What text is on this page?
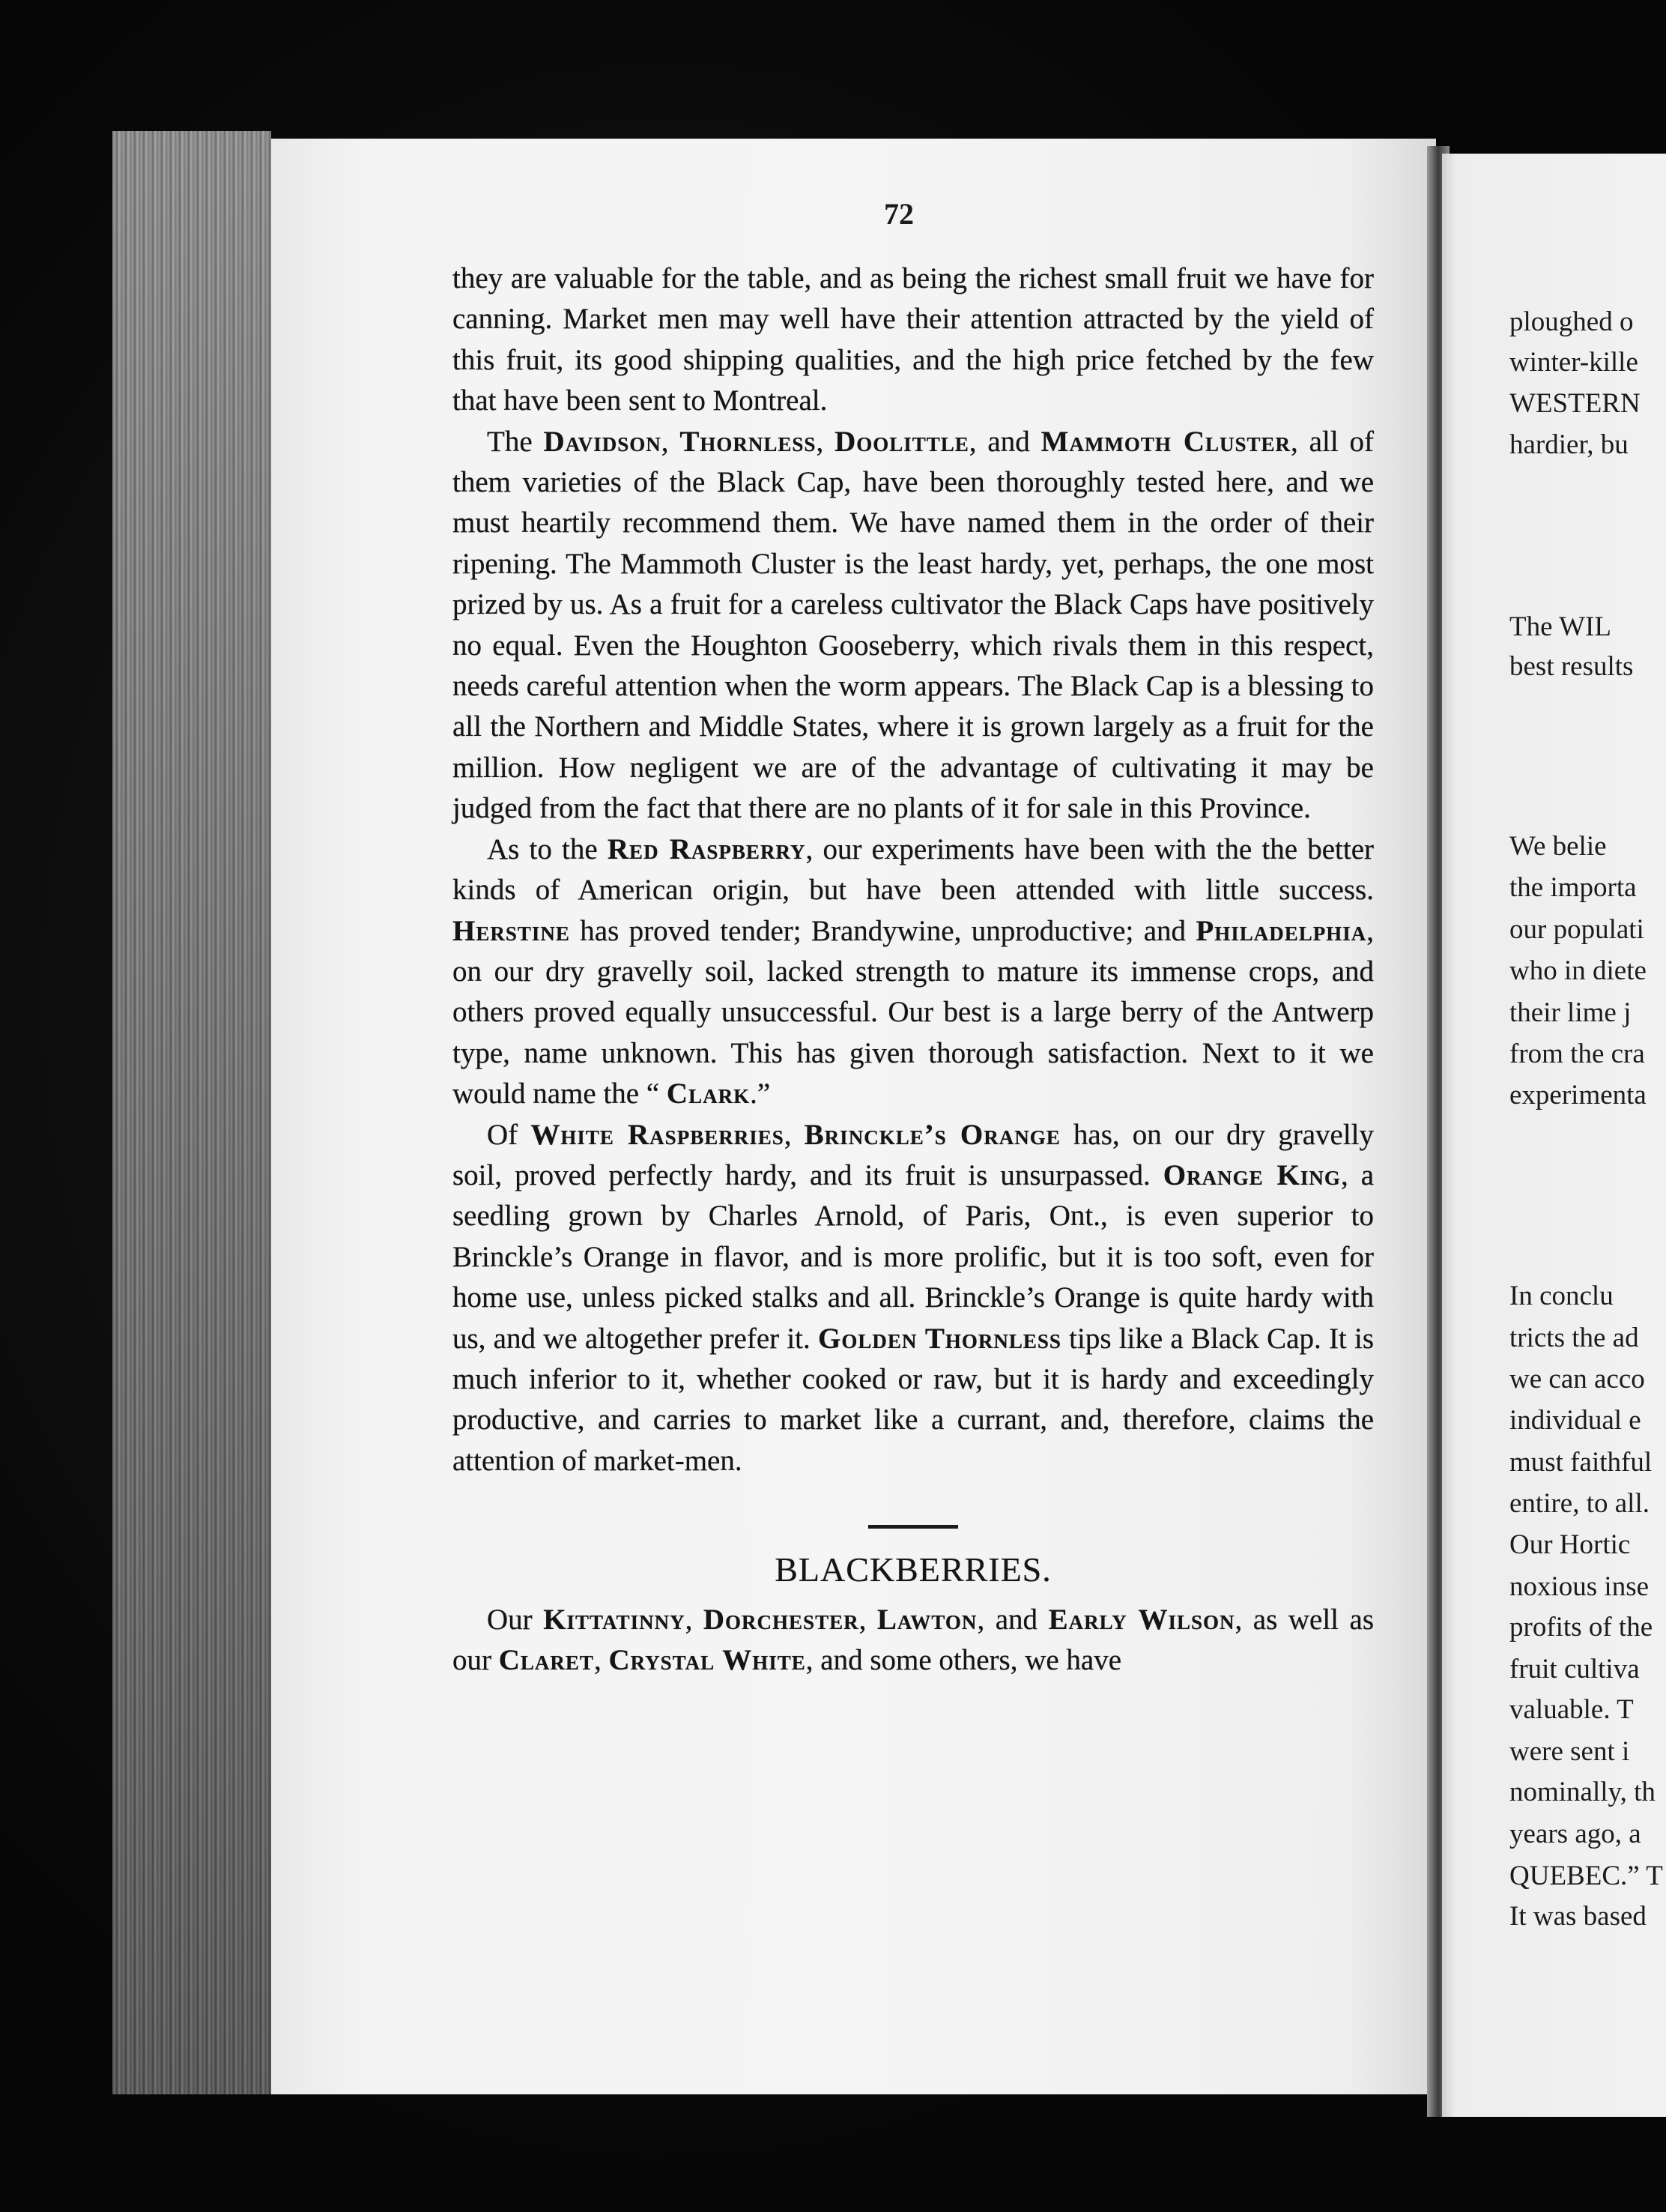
72

they are valuable for the table, and as being the richest small fruit we have for canning. Market men may well have their attention attracted by the yield of this fruit, its good shipping qualities, and the high price fetched by the few that have been sent to Montreal.

The Davidson, Thornless, Doolittle, and Mammoth Cluster, all of them varieties of the Black Cap, have been thoroughly tested here, and we must heartily recommend them. We have named them in the order of their ripening. The Mammoth Cluster is the least hardy, yet, perhaps, the one most prized by us. As a fruit for a careless cultivator the Black Caps have positively no equal. Even the Houghton Gooseberry, which rivals them in this respect, needs careful attention when the worm appears. The Black Cap is a blessing to all the Northern and Middle States, where it is grown largely as a fruit for the million. How negligent we are of the advantage of cultivating it may be judged from the fact that there are no plants of it for sale in this Province.

As to the Red Raspberry, our experiments have been with the the better kinds of American origin, but have been attended with little success. Herstine has proved tender; Brandywine, unproductive; and Philadelphia, on our dry gravelly soil, lacked strength to mature its immense crops, and others proved equally unsuccessful. Our best is a large berry of the Antwerp type, name unknown. This has given thorough satisfaction. Next to it we would name the “ Clark.”

Of White Raspberries, Brinckle’s Orange has, on our dry gravelly soil, proved perfectly hardy, and its fruit is unsurpassed. Orange King, a seedling grown by Charles Arnold, of Paris, Ont., is even superior to Brinckle’s Orange in flavor, and is more prolific, but it is too soft, even for home use, unless picked stalks and all. Brinckle’s Orange is quite hardy with us, and we altogether prefer it. Golden Thornless tips like a Black Cap. It is much inferior to it, whether cooked or raw, but it is hardy and exceedingly productive, and carries to market like a currant, and, therefore, claims the attention of market-men.

BLACKBERRIES.

Our Kittatinny, Dorchester, Lawton, and Early Wilson, as well as our Claret, Crystal White, and some others, we have

ploughed o
winter-kille
WESTERN
hardier, bu
The WIL
best results
We belie
the importa
our populati
who in diete
their lime j
from the cra
experimenta
In conclu
tricts the ad
we can acco
individual e
must faithful
entire, to all.
Our Hortic
noxious inse
profits of the
fruit cultiva
valuable. T
were sent i
nominally, th
years ago, a
QUEBEC.” T
It was based
